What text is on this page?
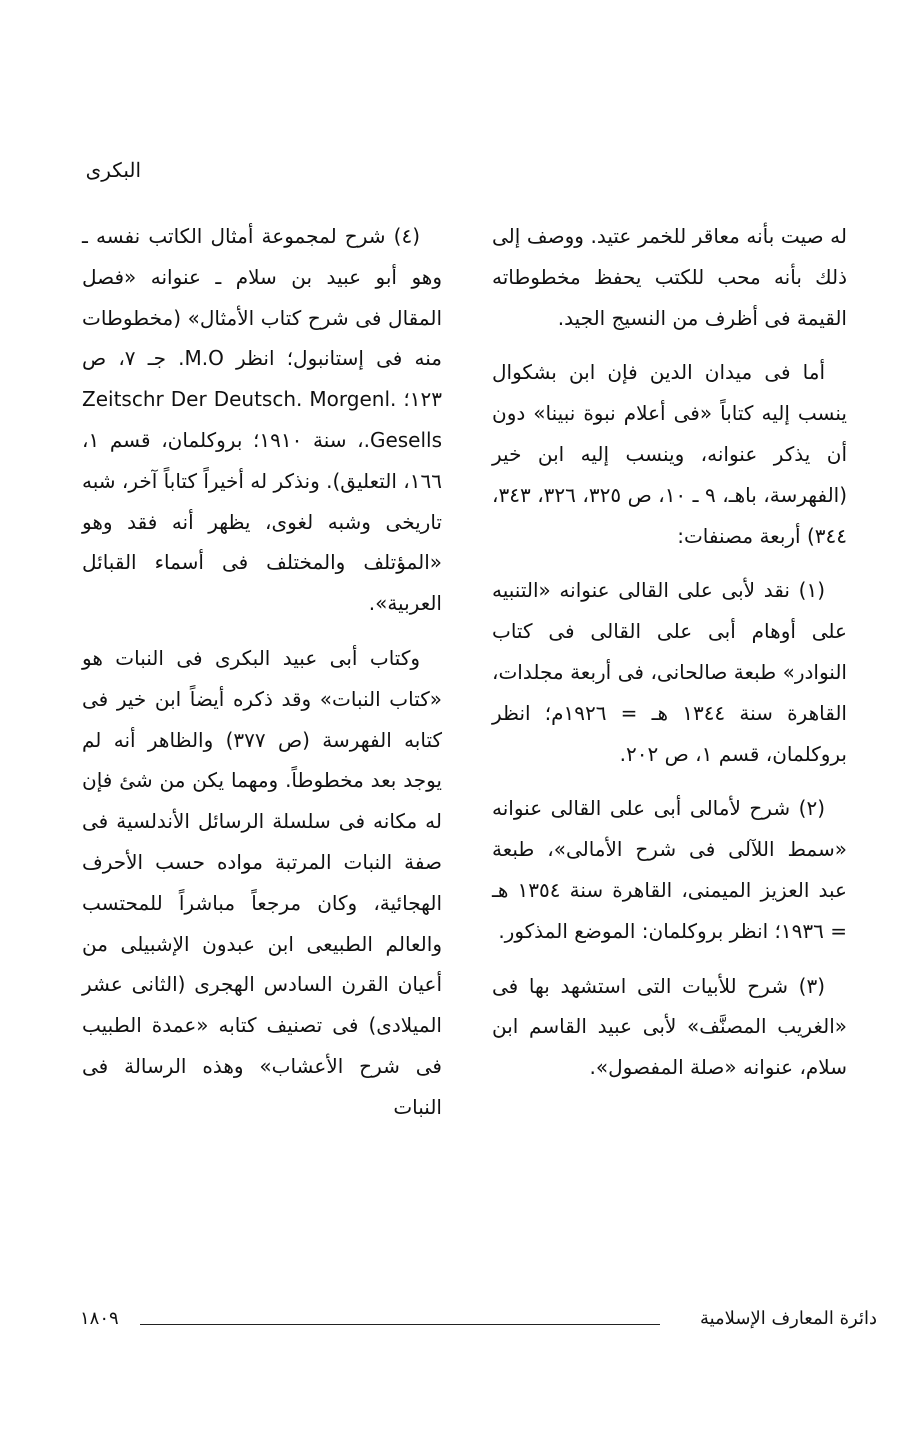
البكرى

له صيت بأنه معاقر للخمر عتيد. ووصف إلى ذلك بأنه محب للكتب يحفظ مخطوطاته القيمة فى أظرف من النسيج الجيد.

أما فى ميدان الدين فإن ابن بشكوال ينسب إليه كتاباً «فى أعلام نبوة نبينا» دون أن يذكر عنوانه، وينسب إليه ابن خير (الفهرسة، باهـ، ٩ ـ ١٠، ص ٣٢٥، ٣٢٦، ٣٤٣، ٣٤٤) أربعة مصنفات:

(١) نقد لأبى على القالى عنوانه «التنبيه على أوهام أبى على القالى فى كتاب النوادر» طبعة صالحانى، فى أربعة مجلدات، القاهرة سنة ١٣٤٤ هـ = ١٩٢٦م؛ انظر بروكلمان، قسم ١، ص ٢٠٢.

(٢) شرح لأمالى أبى على القالى عنوانه «سمط اللآلى فى شرح الأمالى»، طبعة عبد العزيز الميمنى، القاهرة سنة ١٣٥٤ هـ = ١٩٣٦؛ انظر بروكلمان: الموضع المذكور.

(٣) شرح للأبيات التى استشهد بها فى «الغريب المصنَّف» لأبى عبيد القاسم ابن سلام، عنوانه «صلة المفصول».

(٤) شرح لمجموعة أمثال الكاتب نفسه ـ وهو أبو عبيد بن سلام ـ عنوانه «فصل المقال فى شرح كتاب الأمثال» (مخطوطات منه فى إستانبول؛ انظر M.O. جـ ٧، ص ١٢٣؛ .Zeitschr Der Deutsch. Morgenl Gesells.، سنة ١٩١٠؛ بروكلمان، قسم ١، ١٦٦، التعليق). ونذكر له أخيراً كتاباً آخر، شبه تاريخى وشبه لغوى، يظهر أنه فقد وهو «المؤتلف والمختلف فى أسماء القبائل العربية».

وكتاب أبى عبيد البكرى فى النبات هو «كتاب النبات» وقد ذكره أيضاً ابن خير فى كتابه الفهرسة (ص ٣٧٧) والظاهر أنه لم يوجد بعد مخطوطاً. ومهما يكن من شئ فإن له مكانه فى سلسلة الرسائل الأندلسية فى صفة النبات المرتبة مواده حسب الأحرف الهجائية، وكان مرجعاً مباشراً للمحتسب والعالم الطبيعى ابن عبدون الإشبيلى من أعيان القرن السادس الهجرى (الثانى عشر الميلادى) فى تصنيف كتابه «عمدة الطبيب فى شرح الأعشاب» وهذه الرسالة فى النبات

١٨٠٩	دائرة المعارف الإسلامية
